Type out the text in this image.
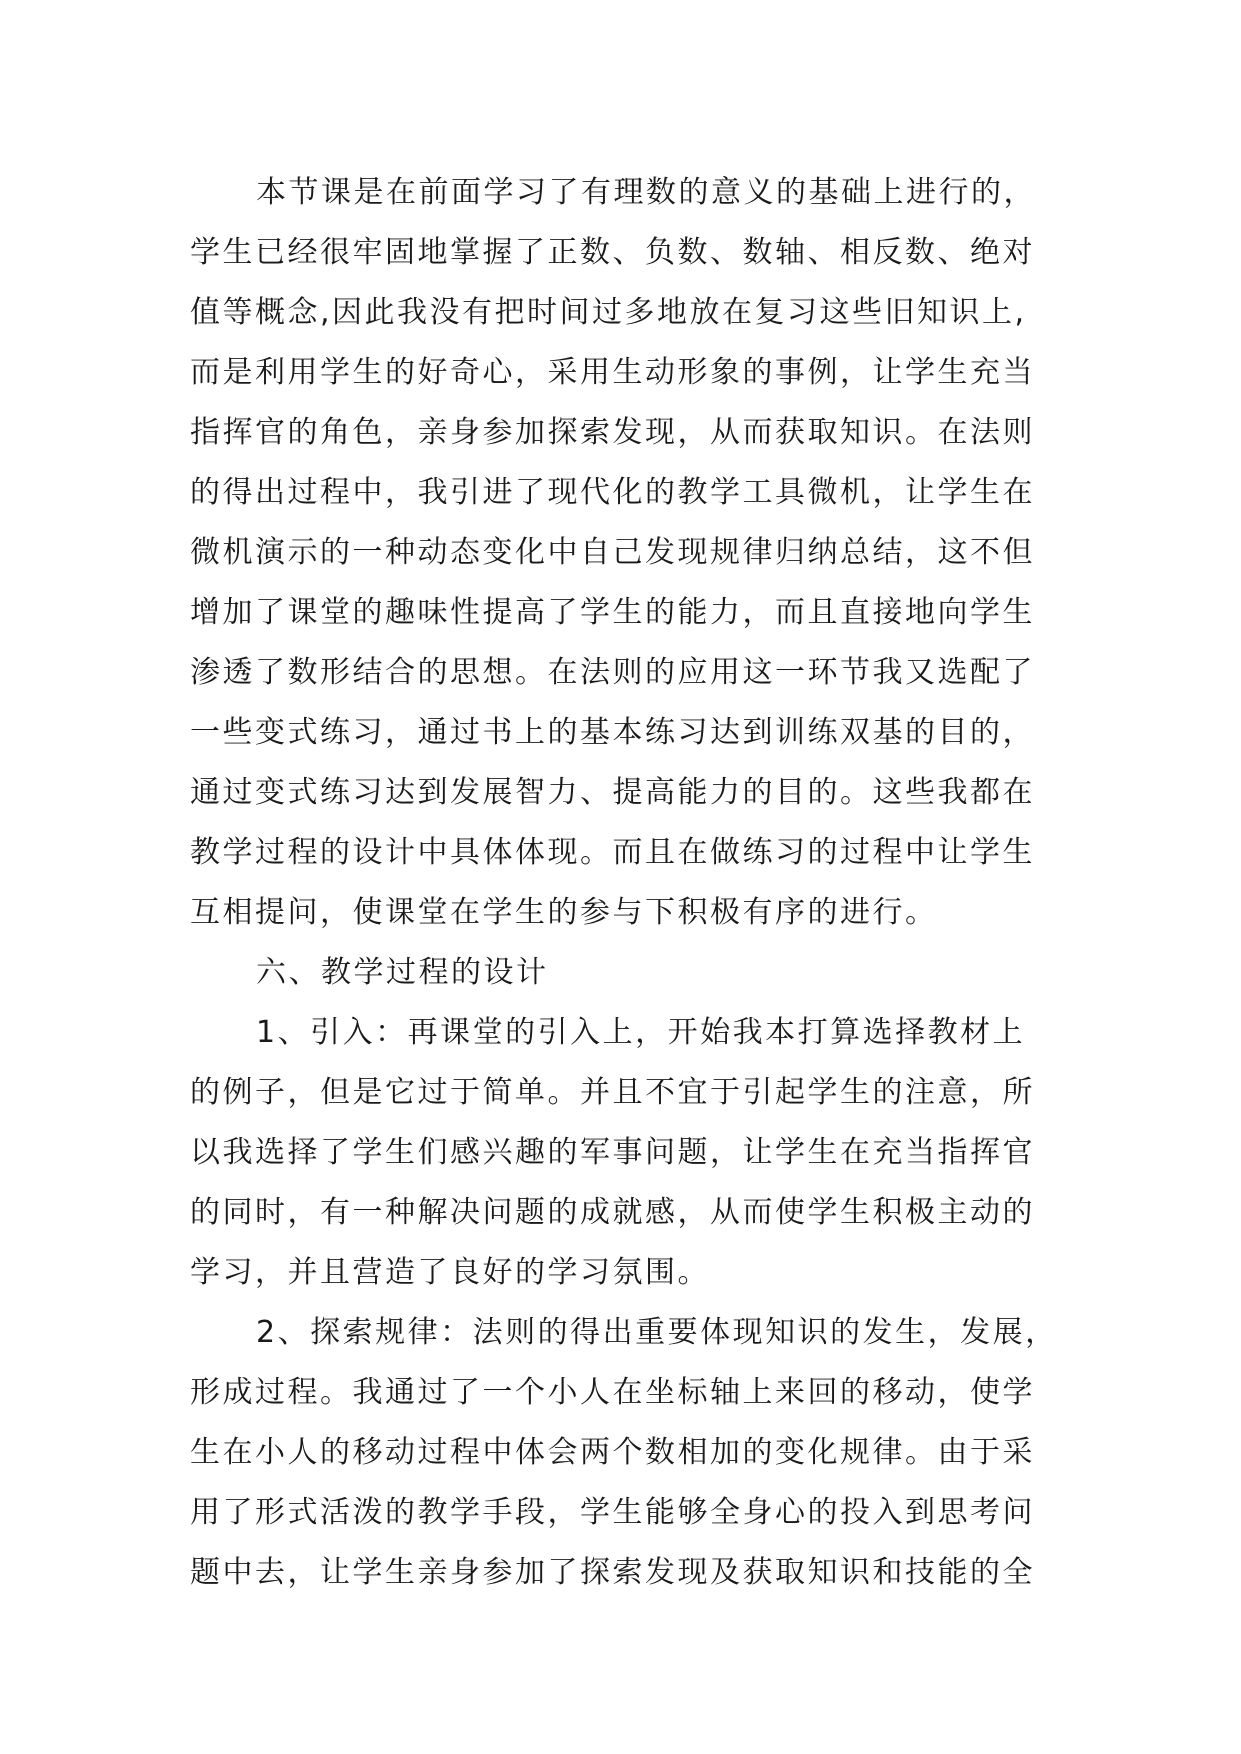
本节课是在前面学习了有理数的意义的基础上进行的，
学生已经很牢固地掌握了正数、负数、数轴、相反数、绝对
值等概念,因此我没有把时间过多地放在复习这些旧知识上,
而是利用学生的好奇心，采用生动形象的事例，让学生充当
指挥官的角色，亲身参加探索发现，从而获取知识。在法则
的得出过程中，我引进了现代化的教学工具微机，让学生在
微机演示的一种动态变化中自己发现规律归纳总结，这不但
增加了课堂的趣味性提高了学生的能力，而且直接地向学生
渗透了数形结合的思想。在法则的应用这一环节我又选配了
一些变式练习，通过书上的基本练习达到训练双基的目的，
通过变式练习达到发展智力、提高能力的目的。这些我都在
教学过程的设计中具体体现。而且在做练习的过程中让学生
互相提问，使课堂在学生的参与下积极有序的进行。
六、教学过程的设计
1、引入：再课堂的引入上，开始我本打算选择教材上
的例子，但是它过于简单。并且不宜于引起学生的注意，所
以我选择了学生们感兴趣的军事问题，让学生在充当指挥官
的同时，有一种解决问题的成就感，从而使学生积极主动的
学习，并且营造了良好的学习氛围。
2、探索规律：法则的得出重要体现知识的发生，发展，
形成过程。我通过了一个小人在坐标轴上来回的移动，使学
生在小人的移动过程中体会两个数相加的变化规律。由于采
用了形式活泼的教学手段，学生能够全身心的投入到思考问
题中去，让学生亲身参加了探索发现及获取知识和技能的全
